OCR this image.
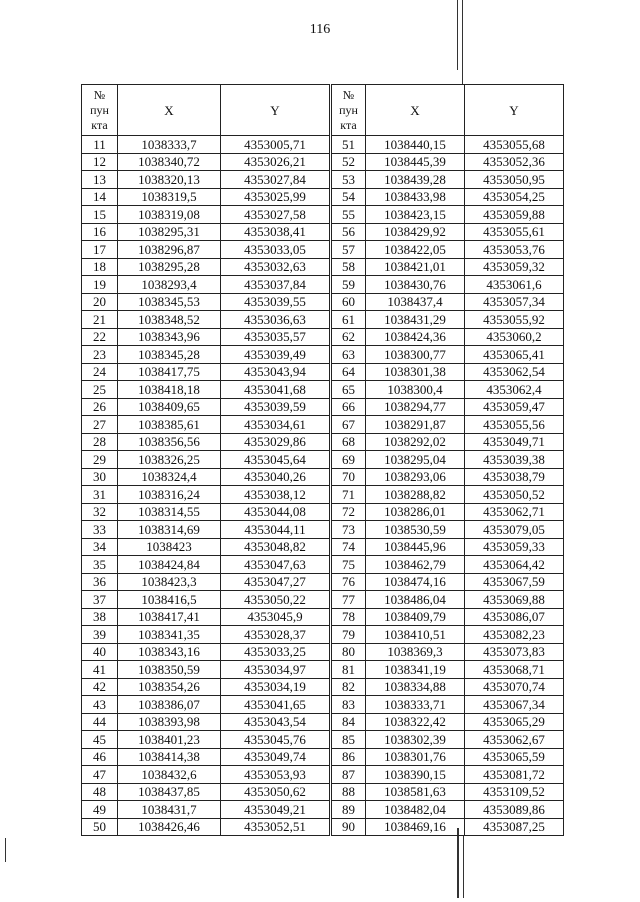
116
№
пун
кта	X	Y
11	1038333,7	4353005,71
12	1038340,72	4353026,21
13	1038320,13	4353027,84
14	1038319,5	4353025,99
15	1038319,08	4353027,58
16	1038295,31	4353038,41
17	1038296,87	4353033,05
18	1038295,28	4353032,63
19	1038293,4	4353037,84
20	1038345,53	4353039,55
21	1038348,52	4353036,63
22	1038343,96	4353035,57
23	1038345,28	4353039,49
24	1038417,75	4353043,94
25	1038418,18	4353041,68
26	1038409,65	4353039,59
27	1038385,61	4353034,61
28	1038356,56	4353029,86
29	1038326,25	4353045,64
30	1038324,4	4353040,26
31	1038316,24	4353038,12
32	1038314,55	4353044,08
33	1038314,69	4353044,11
34	1038423	4353048,82
35	1038424,84	4353047,63
36	1038423,3	4353047,27
37	1038416,5	4353050,22
38	1038417,41	4353045,9
39	1038341,35	4353028,37
40	1038343,16	4353033,25
41	1038350,59	4353034,97
42	1038354,26	4353034,19
43	1038386,07	4353041,65
44	1038393,98	4353043,54
45	1038401,23	4353045,76
46	1038414,38	4353049,74
47	1038432,6	4353053,93
48	1038437,85	4353050,62
49	1038431,7	4353049,21
50	1038426,46	4353052,51
№
пун
кта	X	Y
51	1038440,15	4353055,68
52	1038445,39	4353052,36
53	1038439,28	4353050,95
54	1038433,98	4353054,25
55	1038423,15	4353059,88
56	1038429,92	4353055,61
57	1038422,05	4353053,76
58	1038421,01	4353059,32
59	1038430,76	4353061,6
60	1038437,4	4353057,34
61	1038431,29	4353055,92
62	1038424,36	4353060,2
63	1038300,77	4353065,41
64	1038301,38	4353062,54
65	1038300,4	4353062,4
66	1038294,77	4353059,47
67	1038291,87	4353055,56
68	1038292,02	4353049,71
69	1038295,04	4353039,38
70	1038293,06	4353038,79
71	1038288,82	4353050,52
72	1038286,01	4353062,71
73	1038530,59	4353079,05
74	1038445,96	4353059,33
75	1038462,79	4353064,42
76	1038474,16	4353067,59
77	1038486,04	4353069,88
78	1038409,79	4353086,07
79	1038410,51	4353082,23
80	1038369,3	4353073,83
81	1038341,19	4353068,71
82	1038334,88	4353070,74
83	1038333,71	4353067,34
84	1038322,42	4353065,29
85	1038302,39	4353062,67
86	1038301,76	4353065,59
87	1038390,15	4353081,72
88	1038581,63	4353109,52
89	1038482,04	4353089,86
90	1038469,16	4353087,25
